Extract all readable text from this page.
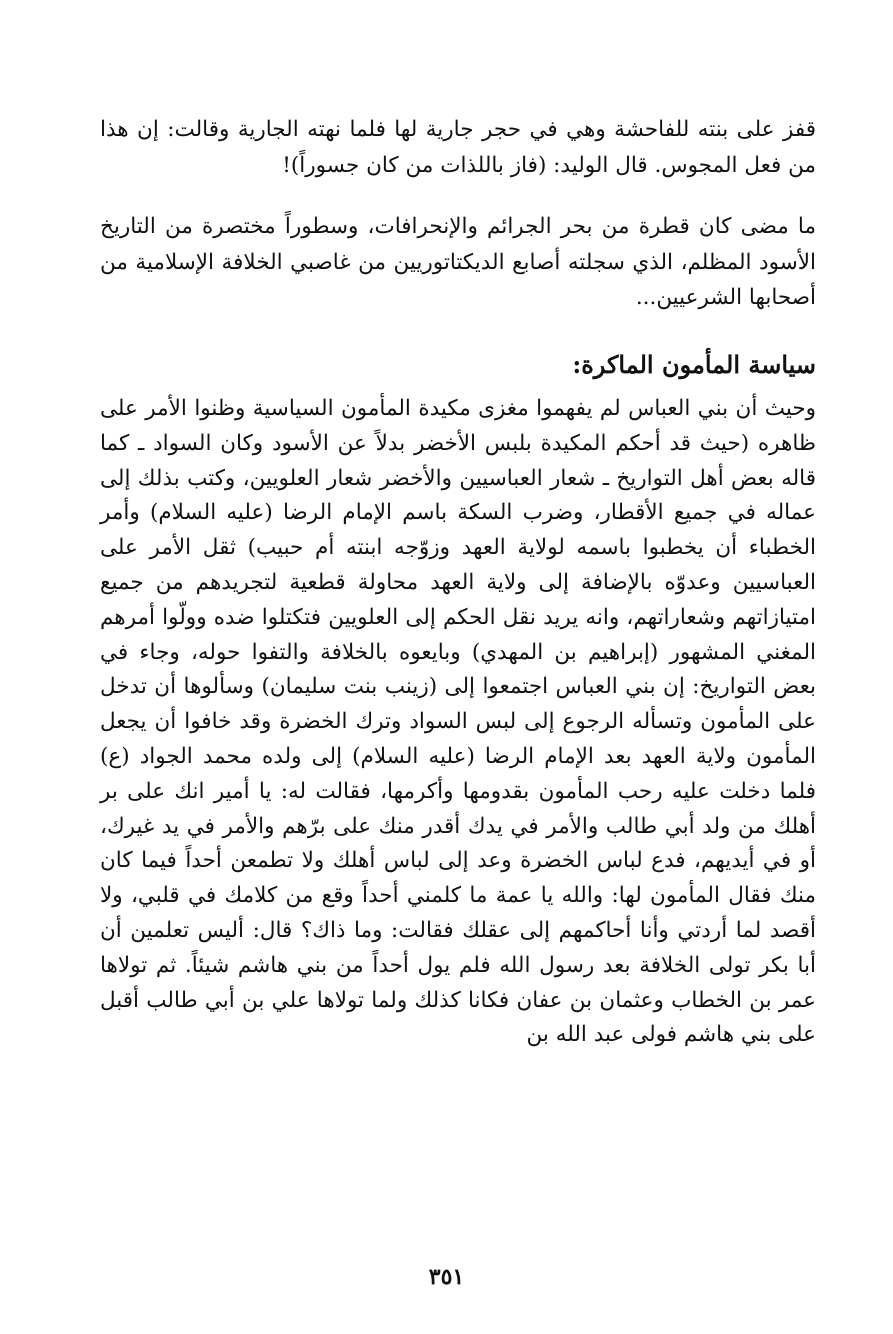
قفز على بنته للفاحشة وهي في حجر جارية لها فلما نهته الجارية وقالت: إن هذا من فعل المجوس. قال الوليد: (فاز باللذات من كان جسوراً)!

ما مضى كان قطرة من بحر الجرائم والإنحرافات، وسطوراً مختصرة من التاريخ الأسود المظلم، الذي سجلته أصابع الديكتاتوريين من غاصبي الخلافة الإسلامية من أصحابها الشرعيين...

سياسة المأمون الماكرة:

وحيث أن بني العباس لم يفهموا مغزى مكيدة المأمون السياسية وظنوا الأمر على ظاهره (حيث قد أحكم المكيدة بلبس الأخضر بدلاً عن الأسود وكان السواد ـ كما قاله بعض أهل التواريخ ـ شعار العباسيين والأخضر شعار العلويين، وكتب بذلك إلى عماله في جميع الأقطار، وضرب السكة باسم الإمام الرضا (عليه السلام) وأمر الخطباء أن يخطبوا باسمه لولاية العهد وزوّجه ابنته أم حبيب) ثقل الأمر على العباسيين وعدوّه بالإضافة إلى ولاية العهد محاولة قطعية لتجريدهم من جميع امتيازاتهم وشعاراتهم، وانه يريد نقل الحكم إلى العلويين فتكتلوا ضده وولّوا أمرهم المغني المشهور (إبراهيم بن المهدي) وبايعوه بالخلافة والتفوا حوله، وجاء في بعض التواريخ: إن بني العباس اجتمعوا إلى (زينب بنت سليمان) وسألوها أن تدخل على المأمون وتسأله الرجوع إلى لبس السواد وترك الخضرة وقد خافوا أن يجعل المأمون ولاية العهد بعد الإمام الرضا (عليه السلام) إلى ولده محمد الجواد (ع) فلما دخلت عليه رحب المأمون بقدومها وأكرمها، فقالت له: يا أمير انك على بر أهلك من ولد أبي طالب والأمر في يدك أقدر منك على برّهم والأمر في يد غيرك، أو في أيديهم، فدع لباس الخضرة وعد إلى لباس أهلك ولا تطمعن أحداً فيما كان منك فقال المأمون لها: والله يا عمة ما كلمني أحداً وقع من كلامك في قلبي، ولا أقصد لما أردتي وأنا أحاكمهم إلى عقلك فقالت: وما ذاك؟ قال: أليس تعلمين أن أبا بكر تولى الخلافة بعد رسول الله فلم يول أحداً من بني هاشم شيئاً. ثم تولاها عمر بن الخطاب وعثمان بن عفان فكانا كذلك ولما تولاها علي بن أبي طالب أقبل على بني هاشم فولى عبد الله بن

٣٥١
